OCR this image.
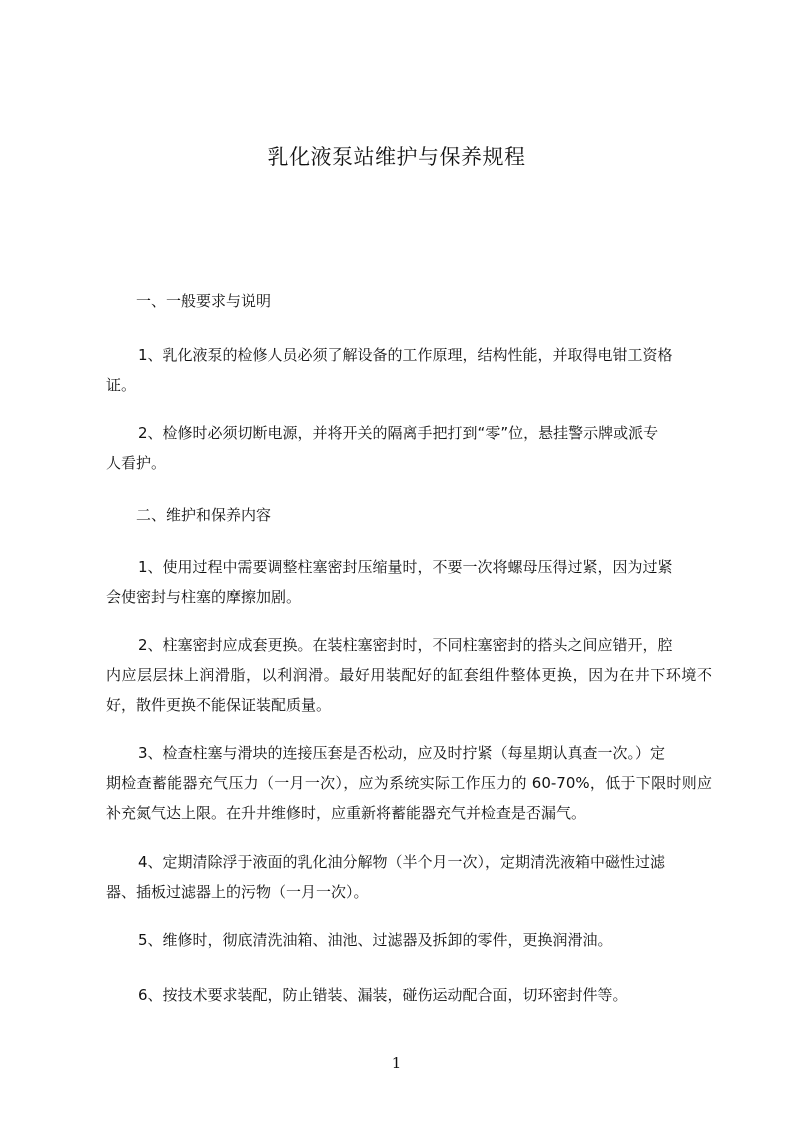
乳化液泵站维护与保养规程
一、一般要求与说明
1、乳化液泵的检修人员必须了解设备的工作原理，结构性能，并取得电钳工资格
证。
2、检修时必须切断电源，并将开关的隔离手把打到“零”位，悬挂警示牌或派专
人看护。
二、维护和保养内容
1、使用过程中需要调整柱塞密封压缩量时，不要一次将螺母压得过紧，因为过紧
会使密封与柱塞的摩擦加剧。
2、柱塞密封应成套更换。在装柱塞密封时，不同柱塞密封的搭头之间应错开，腔
内应层层抹上润滑脂，以利润滑。最好用装配好的缸套组件整体更换，因为在井下环境不好，散件更换不能保证装配质量。
3、检查柱塞与滑块的连接压套是否松动，应及时拧紧（每星期认真查一次。）定
期检查蓄能器充气压力（一月一次），应为系统实际工作压力的 60-70%，低于下限时则应补充氮气达上限。在升井维修时，应重新将蓄能器充气并检查是否漏气。
4、定期清除浮于液面的乳化油分解物（半个月一次），定期清洗液箱中磁性过滤
器、插板过滤器上的污物（一月一次）。
5、维修时，彻底清洗油箱、油池、过滤器及拆卸的零件，更换润滑油。
6、按技术要求装配，防止错装、漏装，碰伤运动配合面，切环密封件等。
1
